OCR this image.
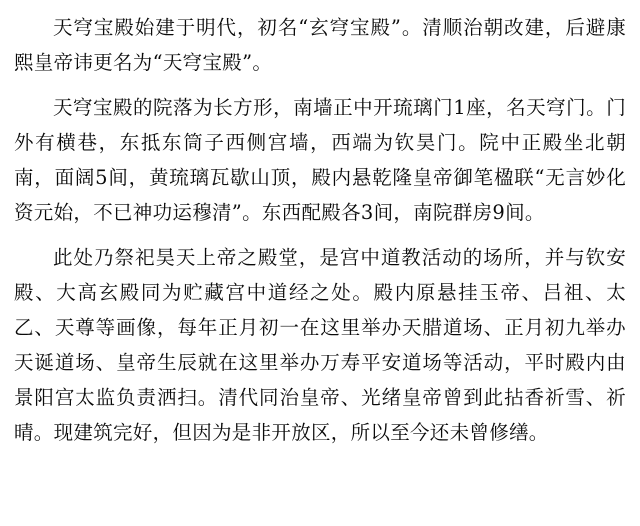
天穹宝殿始建于明代，初名“玄穹宝殿”。清顺治朝改建，后避康熙皇帝讳更名为“天穹宝殿”。

天穹宝殿的院落为长方形，南墙正中开琉璃门1座，名天穹门。门外有横巷，东抵东筒子西侧宫墙，西端为钦昊门。院中正殿坐北朝南，面阔5间，黄琉璃瓦歇山顶，殿内悬乾隆皇帝御笔楹联“无言妙化资元始，不已神功运穆清”。东西配殿各3间，南院群房9间。

此处乃祭祀昊天上帝之殿堂，是宫中道教活动的场所，并与钦安殿、大高玄殿同为贮藏宫中道经之处。殿内原悬挂玉帝、吕祖、太乙、天尊等画像，每年正月初一在这里举办天腊道场、正月初九举办天诞道场、皇帝生辰就在这里举办万寿平安道场等活动，平时殿内由景阳宫太监负责洒扫。清代同治皇帝、光绪皇帝曾到此拈香祈雪、祈晴。现建筑完好，但因为是非开放区，所以至今还未曾修缮。
